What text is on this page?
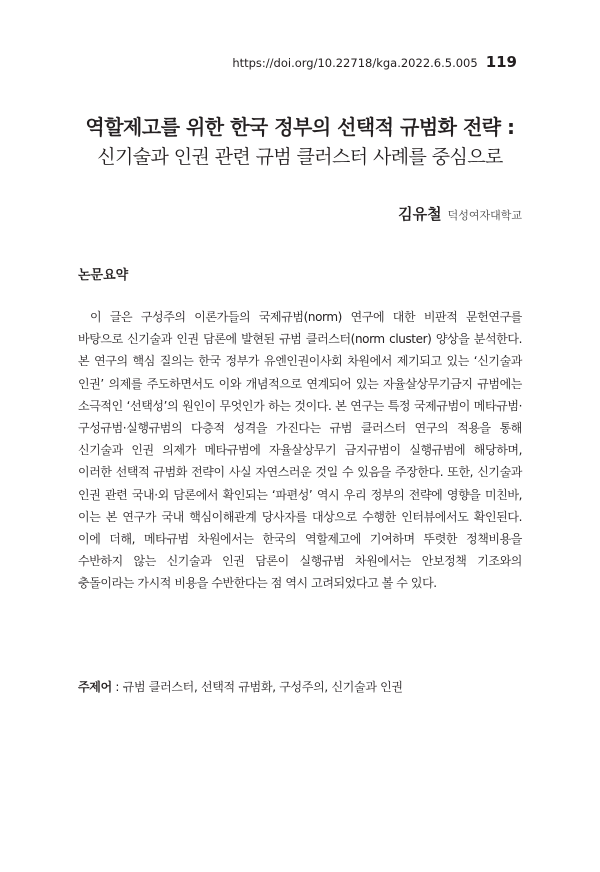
https://doi.org/10.22718/kga.2022.6.5.005 119
역할제고를 위한 한국 정부의 선택적 규범화 전략 :
신기술과 인권 관련 규범 클러스터 사례를 중심으로
김유철 덕성여자대학교
논문요약

이 글은 구성주의 이론가들의 국제규범(norm) 연구에 대한 비판적 문헌연구를 바탕으로 신기술과 인권 담론에 발현된 규범 클러스터(norm cluster) 양상을 분석한다. 본 연구의 핵심 질의는 한국 정부가 유엔인권이사회 차원에서 제기되고 있는 ‘신기술과 인권’ 의제를 주도하면서도 이와 개념적으로 연계되어 있는 자율살상무기금지 규범에는 소극적인 ‘선택성’의 원인이 무엇인가 하는 것이다. 본 연구는 특정 국제규범이 메타규범·구성규범·실행규범의 다층적 성격을 가진다는 규범 클러스터 연구의 적용을 통해 신기술과 인권 의제가 메타규범에 자율살상무기 금지규범이 실행규범에 해당하며, 이러한 선택적 규범화 전략이 사실 자연스러운 것일 수 있음을 주장한다. 또한, 신기술과 인권 관련 국내·외 담론에서 확인되는 ‘파편성’ 역시 우리 정부의 전략에 영향을 미친바, 이는 본 연구가 국내 핵심이해관계 당사자를 대상으로 수행한 인터뷰에서도 확인된다. 이에 더해, 메타규범 차원에서는 한국의 역할제고에 기여하며 뚜렷한 정책비용을 수반하지 않는 신기술과 인권 담론이 실행규범 차원에서는 안보정책 기조와의 충돌이라는 가시적 비용을 수반한다는 점 역시 고려되었다고 볼 수 있다.

주제어 : 규범 클러스터, 선택적 규범화, 구성주의, 신기술과 인권
